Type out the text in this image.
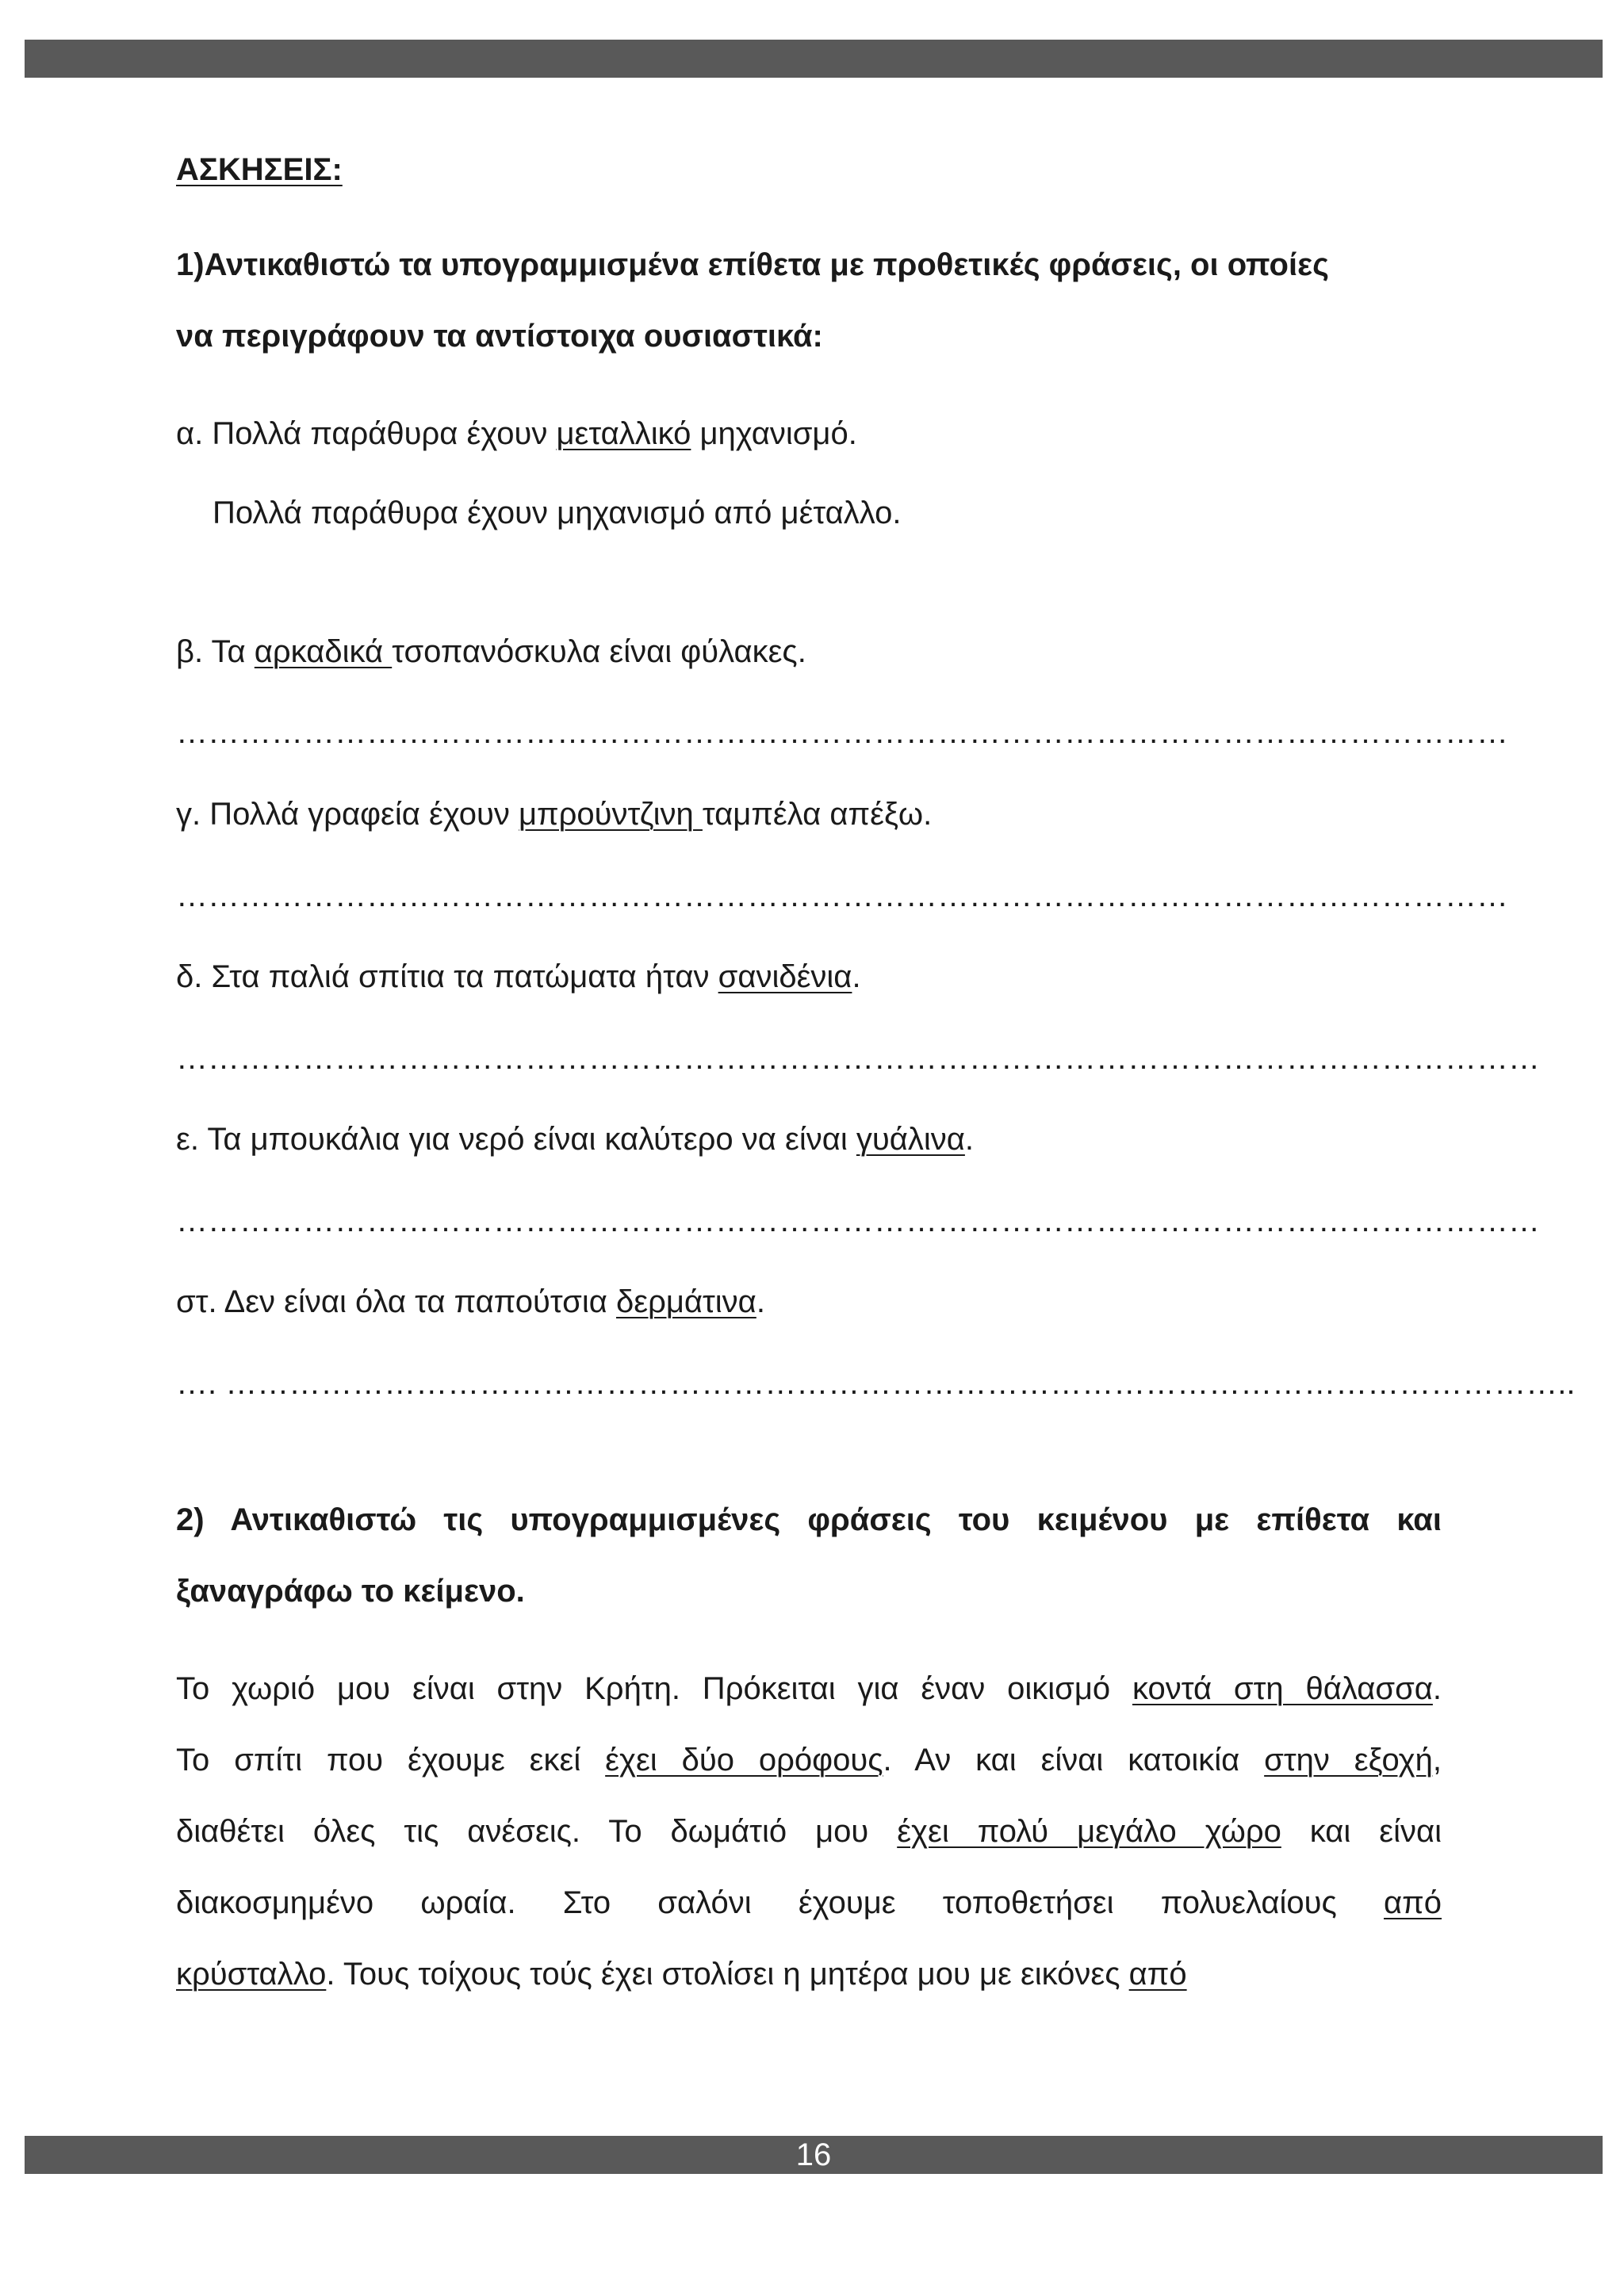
ΑΣΚΗΣΕΙΣ:
1)Αντικαθιστώ τα υπογραμμισμένα επίθετα με προθετικές φράσεις, οι οποίες
να περιγράφουν τα αντίστοιχα ουσιαστικά:
α. Πολλά παράθυρα έχουν μεταλλικό μηχανισμό.
Πολλά παράθυρα έχουν μηχανισμό από μέταλλο.
β. Τα αρκαδικά τσοπανόσκυλα είναι φύλακες.
………………………………………………………………………………………………………………
γ. Πολλά γραφεία έχουν μπρούντζινη ταμπέλα απέξω.
………………………………………………………………………………………………………………
δ. Στα παλιά σπίτια τα πατώματα ήταν σανιδένια.
…………………………………………………………………………………………………………………
ε. Τα μπουκάλια για νερό είναι καλύτερο να είναι γυάλινα.
…………………………………………………………………………………………………………………
στ. Δεν είναι όλα τα παπούτσια δερμάτινα.
…. ………………………………………………………………………………………………………………..
2) Αντικαθιστώ τις υπογραμμισμένες φράσεις του κειμένου με επίθετα και
ξαναγράφω το κείμενο.
Το χωριό μου είναι στην Κρήτη. Πρόκειται για έναν οικισμό κοντά στη θάλασσα.
Το σπίτι που έχουμε εκεί έχει δύο ορόφους. Αν και είναι κατοικία στην εξοχή,
διαθέτει όλες τις ανέσεις. Το δωμάτιό μου έχει πολύ μεγάλο χώρο και είναι
διακοσμημένο ωραία. Στο σαλόνι έχουμε τοποθετήσει πολυελαίους από
κρύσταλλο. Τους τοίχους τούς έχει στολίσει η μητέρα μου με εικόνες από
16
